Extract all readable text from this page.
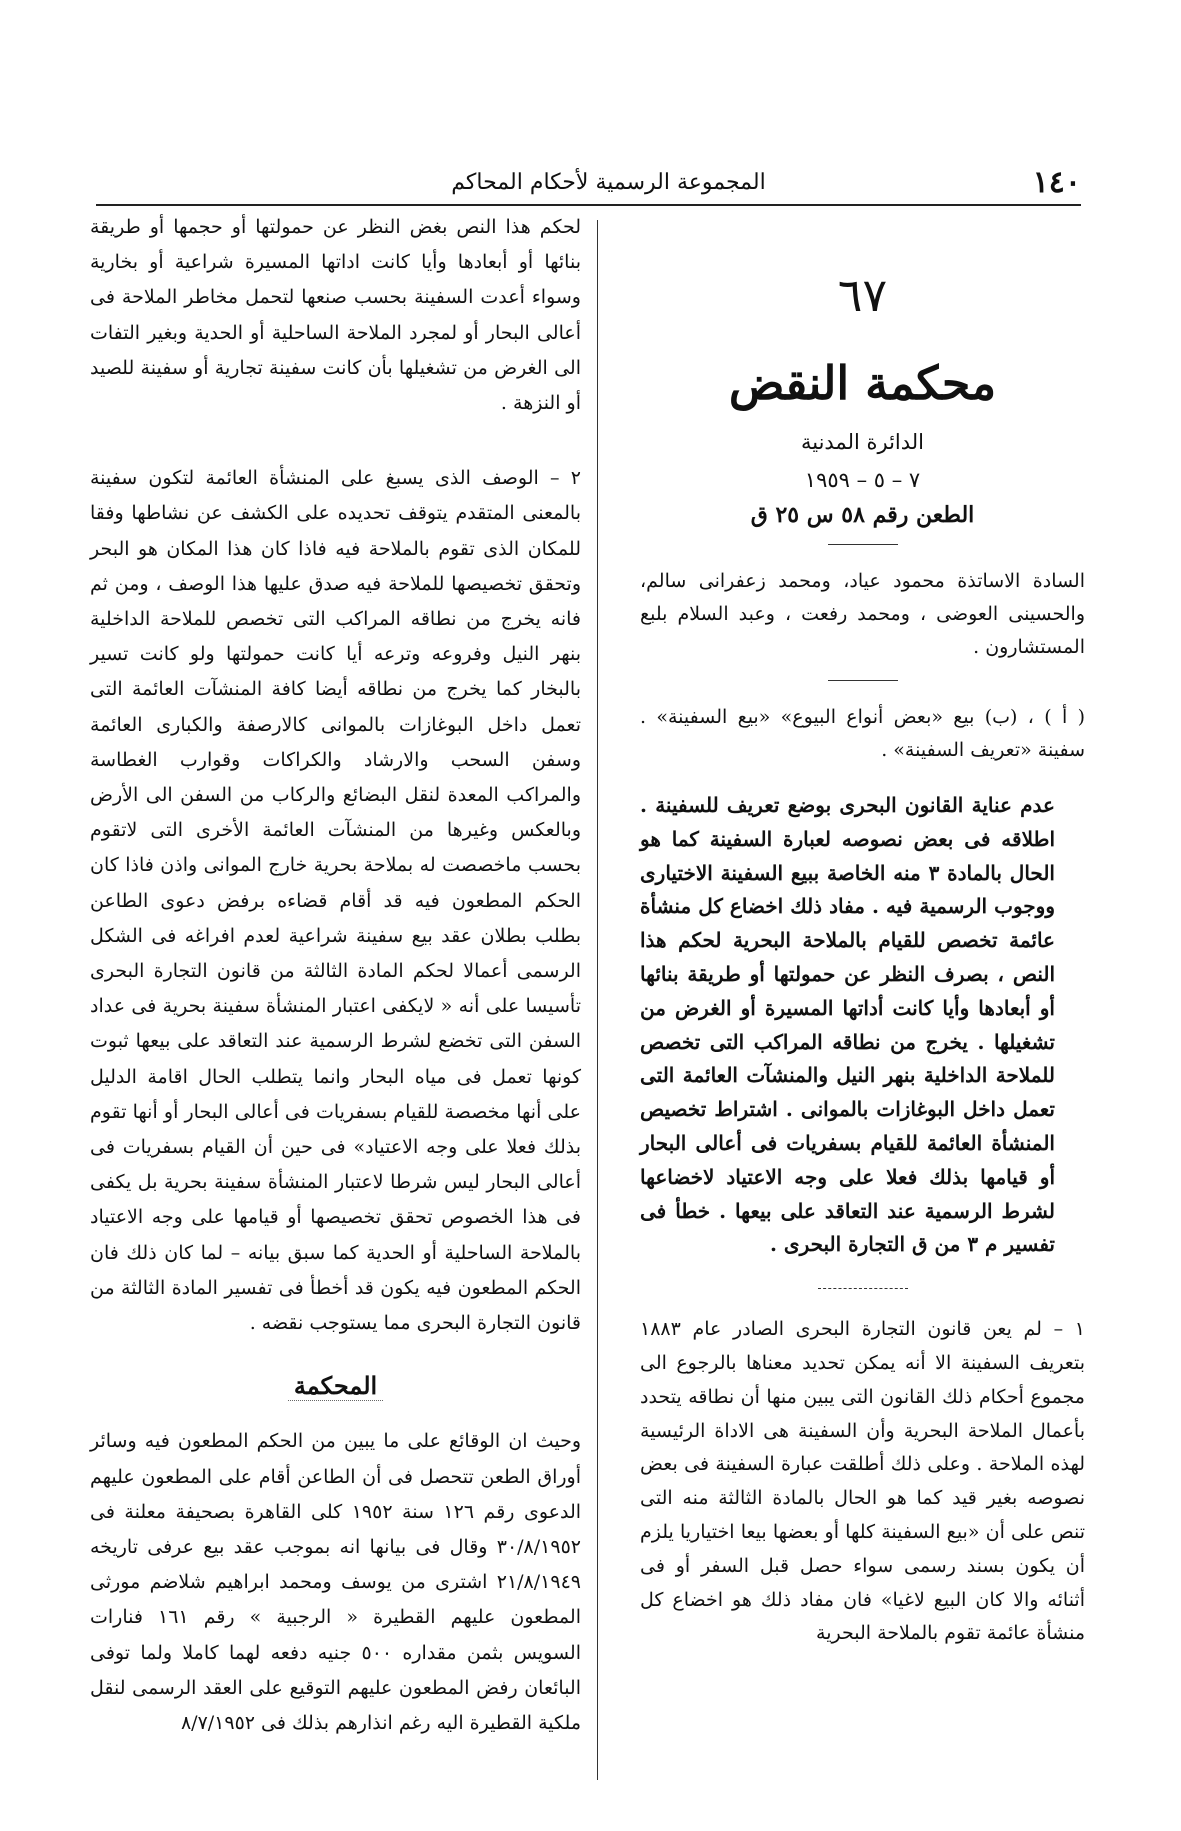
١٤٠
المجموعة الرسمية لأحكام المحاكم

لحكم هذا النص بغض النظر عن حمولتها أو حجمها أو طريقة بنائها أو أبعادها وأيا كانت اداتها المسيرة شراعية أو بخارية وسواء أعدت السفينة بحسب صنعها لتحمل مخاطر الملاحة فى أعالى البحار أو لمجرد الملاحة الساحلية أو الحدية وبغير التفات الى الغرض من تشغيلها بأن كانت سفينة تجارية أو سفينة للصيد أو النزهة .

٢ – الوصف الذى يسبغ على المنشأة العائمة لتكون سفينة بالمعنى المتقدم يتوقف تحديده على الكشف عن نشاطها وفقا للمكان الذى تقوم بالملاحة فيه فاذا كان هذا المكان هو البحر وتحقق تخصيصها للملاحة فيه صدق عليها هذا الوصف ، ومن ثم فانه يخرج من نطاقه المراكب التى تخصص للملاحة الداخلية بنهر النيل وفروعه وترعه أيا كانت حمولتها ولو كانت تسير بالبخار كما يخرج من نطاقه أيضا كافة المنشآت العائمة التى تعمل داخل البوغازات بالموانى كالارصفة والكبارى العائمة وسفن السحب والارشاد والكراكات وقوارب الغطاسة والمراكب المعدة لنقل البضائع والركاب من السفن الى الأرض وبالعكس وغيرها من المنشآت العائمة الأخرى التى لاتقوم بحسب ماخصصت له بملاحة بحرية خارج الموانى واذن فاذا كان الحكم المطعون فيه قد أقام قضاءه برفض دعوى الطاعن بطلب بطلان عقد بيع سفينة شراعية لعدم افراغه فى الشكل الرسمى أعمالا لحكم المادة الثالثة من قانون التجارة البحرى تأسيسا على أنه « لايكفى اعتبار المنشأة سفينة بحرية فى عداد السفن التى تخضع لشرط الرسمية عند التعاقد على بيعها ثبوت كونها تعمل فى مياه البحار وانما يتطلب الحال اقامة الدليل على أنها مخصصة للقيام بسفريات فى أعالى البحار أو أنها تقوم بذلك فعلا على وجه الاعتياد» فى حين أن القيام بسفريات فى أعالى البحار ليس شرطا لاعتبار المنشأة سفينة بحرية بل يكفى فى هذا الخصوص تحقق تخصيصها أو قيامها على وجه الاعتياد بالملاحة الساحلية أو الحدية كما سبق بيانه – لما كان ذلك فان الحكم المطعون فيه يكون قد أخطأ فى تفسير المادة الثالثة من قانون التجارة البحرى مما يستوجب نقضه .

المحكمة

وحيث ان الوقائع على ما يبين من الحكم المطعون فيه وسائر أوراق الطعن تتحصل فى أن الطاعن أقام على المطعون عليهم الدعوى رقم ١٢٦ سنة ١٩٥٢ كلى القاهرة بصحيفة معلنة فى ٣٠/٨/١٩٥٢ وقال فى بيانها انه بموجب عقد بيع عرفى تاريخه ٢١/٨/١٩٤٩ اشترى من يوسف ومحمد ابراهيم شلاضم مورثى المطعون عليهم القطيرة « الرجبية » رقم ١٦١ فنارات السويس بثمن مقداره ٥٠٠ جنيه دفعه لهما كاملا ولما توفى البائعان رفض المطعون عليهم التوقيع على العقد الرسمى لنقل ملكية القطيرة اليه رغم انذارهم بذلك فى ٨/٧/١٩٥٢

٦٧
محكمة النقض
الدائرة المدنية
٧ – ٥ – ١٩٥٩
الطعن رقم ٥٨ س ٢٥ ق

السادة الاساتذة محمود عياد، ومحمد زعفرانى سالم، والحسينى العوضى ، ومحمد رفعت ، وعبد السلام بلبع المستشارون .

( أ ) ، (ب) بيع «بعض أنواع البيوع» «بيع السفينة» . سفينة «تعريف السفينة» .

عدم عناية القانون البحرى بوضع تعريف للسفينة . اطلاقه فى بعض نصوصه لعبارة السفينة كما هو الحال بالمادة ٣ منه الخاصة ببيع السفينة الاختيارى ووجوب الرسمية فيه . مفاد ذلك اخضاع كل منشأة عائمة تخصص للقيام بالملاحة البحرية لحكم هذا النص ، بصرف النظر عن حمولتها أو طريقة بنائها أو أبعادها وأيا كانت أداتها المسيرة أو الغرض من تشغيلها . يخرج من نطاقه المراكب التى تخصص للملاحة الداخلية بنهر النيل والمنشآت العائمة التى تعمل داخل البوغازات بالموانى . اشتراط تخصيص المنشأة العائمة للقيام بسفريات فى أعالى البحار أو قيامها بذلك فعلا على وجه الاعتياد لاخضاعها لشرط الرسمية عند التعاقد على بيعها . خطأ فى تفسير م ٣ من ق التجارة البحرى .

١ – لم يعن قانون التجارة البحرى الصادر عام ١٨٨٣ بتعريف السفينة الا أنه يمكن تحديد معناها بالرجوع الى مجموع أحكام ذلك القانون التى يبين منها أن نطاقه يتحدد بأعمال الملاحة البحرية وأن السفينة هى الاداة الرئيسية لهذه الملاحة . وعلى ذلك أطلقت عبارة السفينة فى بعض نصوصه بغير قيد كما هو الحال بالمادة الثالثة منه التى تنص على أن «بيع السفينة كلها أو بعضها بيعا اختياريا يلزم أن يكون بسند رسمى سواء حصل قبل السفر أو فى أثنائه والا كان البيع لاغيا» فان مفاد ذلك هو اخضاع كل منشأة عائمة تقوم بالملاحة البحرية
